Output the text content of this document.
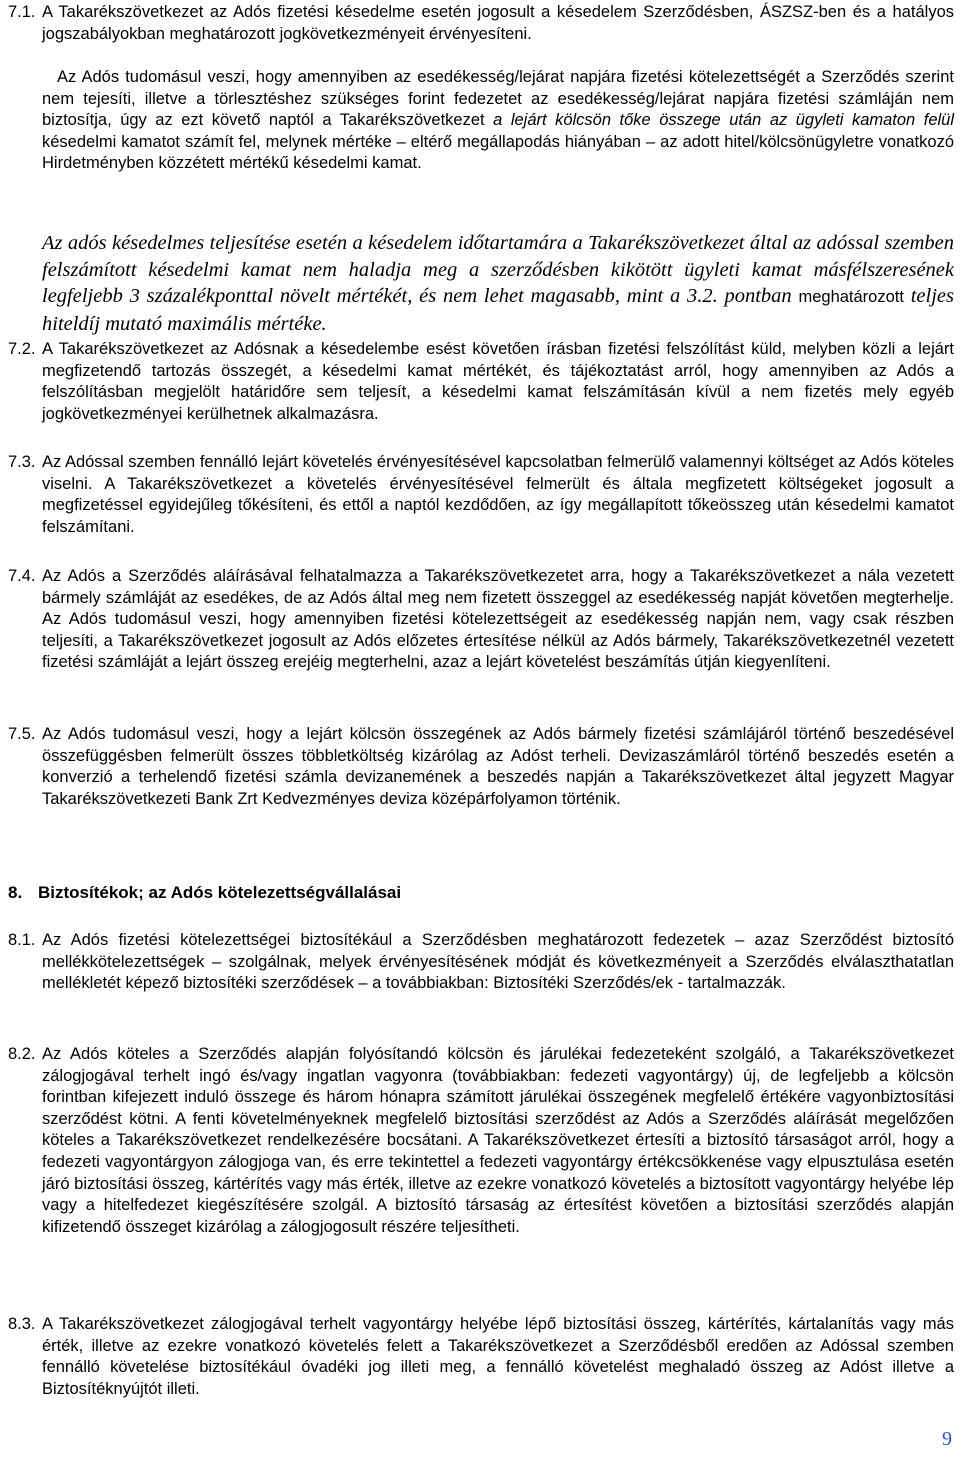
7.1. A Takarékszövetkezet az Adós fizetési késedelme esetén jogosult a késedelem Szerződésben, ÁSZSZ-ben és a hatályos jogszabályokban meghatározott jogkövetkezményeit érvényesíteni.
Az Adós tudomásul veszi, hogy amennyiben az esedékesség/lejárat napjára fizetési kötelezettségét a Szerződés szerint nem tejesíti, illetve a törlesztéshez szükséges forint fedezetet az esedékesség/lejárat napjára fizetési számláján nem biztosítja, úgy az ezt követő naptól a Takarékszövetkezet a lejárt kölcsön tőke összege után az ügyleti kamaton felül késedelmi kamatot számít fel, melynek mértéke – eltérő megállapodás hiányában – az adott hitel/kölcsönügyletre vonatkozó Hirdetményben közzétett mértékű késedelmi kamat.
Az adós késedelmes teljesítése esetén a késedelem időtartamára a Takarékszövetkezet által az adóssal szemben felszámított késedelmi kamat nem haladja meg a szerződésben kikötött ügyleti kamat másfélszeresének legfeljebb 3 százalékponttal növelt mértékét, és nem lehet magasabb, mint a 3.2. pontban meghatározott teljes hiteldíj mutató maximális mértéke.
7.2. A Takarékszövetkezet az Adósnak a késedelembe esést követően írásban fizetési felszólítást küld, melyben közli a lejárt megfizetendő tartozás összegét, a késedelmi kamat mértékét, és tájékoztatást arról, hogy amennyiben az Adós a felszólításban megjelölt határidőre sem teljesít, a késedelmi kamat felszámításán kívül a nem fizetés mely egyéb jogkövetkezményei kerülhetnek alkalmazásra.
7.3. Az Adóssal szemben fennálló lejárt követelés érvényesítésével kapcsolatban felmerülő valamennyi költséget az Adós köteles viselni. A Takarékszövetkezet a követelés érvényesítésével felmerült és általa megfizetett költségeket jogosult a megfizetéssel egyidejűleg tőkésíteni, és ettől a naptól kezdődően, az így megállapított tőkeösszeg után késedelmi kamatot felszámítani.
7.4. Az Adós a Szerződés aláírásával felhatalmazza a Takarékszövetkezetet arra, hogy a Takarékszövetkezet a nála vezetett bármely számláját az esedékes, de az Adós által meg nem fizetett összeggel az esedékesség napját követően megterhelje. Az Adós tudomásul veszi, hogy amennyiben fizetési kötelezettségeit az esedékesség napján nem, vagy csak részben teljesíti, a Takarékszövetkezet jogosult az Adós előzetes értesítése nélkül az Adós bármely, Takarékszövetkezetnél vezetett fizetési számláját a lejárt összeg erejéig megterhelni, azaz a lejárt követelést beszámítás útján kiegyenlíteni.
7.5. Az Adós tudomásul veszi, hogy a lejárt kölcsön összegének az Adós bármely fizetési számlájáról történő beszedésével összefüggésben felmerült összes többletköltség kizárólag az Adóst terheli. Devizaszámláról történő beszedés esetén a konverzió a terhelendő fizetési számla devizanemének a beszedés napján a Takarékszövetkezet által jegyzett Magyar Takarékszövetkezeti Bank Zrt Kedvezményes deviza középárfolyamon történik.
8. Biztosítékok; az Adós kötelezettségvállalásai
8.1. Az Adós fizetési kötelezettségei biztosítékául a Szerződésben meghatározott fedezetek – azaz Szerződést biztosító mellékkötelezettségek – szolgálnak, melyek érvényesítésének módját és következményeit a Szerződés elválaszthatatlan mellékletét képező biztosítéki szerződések – a továbbiakban: Biztosítéki Szerződés/ek - tartalmazzák.
8.2. Az Adós köteles a Szerződés alapján folyósítandó kölcsön és járulékai fedezeteként szolgáló, a Takarékszövetkezet zálogjogával terhelt ingó és/vagy ingatlan vagyonra (továbbiakban: fedezeti vagyontárgy) új, de legfeljebb a kölcsön forintban kifejezett induló összege és három hónapra számított járulékai összegének megfelelő értékére vagyonbiztosítási szerződést kötni. A fenti követelményeknek megfelelő biztosítási szerződést az Adós a Szerződés aláírását megelőzően köteles a Takarékszövetkezet rendelkezésére bocsátani. A Takarékszövetkezet értesíti a biztosító társaságot arról, hogy a fedezeti vagyontárgyon zálogjoga van, és erre tekintettel a fedezeti vagyontárgy értékcsökkenése vagy elpusztulása esetén járó biztosítási összeg, kártérítés vagy más érték, illetve az ezekre vonatkozó követelés a biztosított vagyontárgy helyébe lép vagy a hitelfedezet kiegészítésére szolgál. A biztosító társaság az értesítést követően a biztosítási szerződés alapján kifizetendő összeget kizárólag a zálogjogosult részére teljesítheti.
8.3. A Takarékszövetkezet zálogjogával terhelt vagyontárgy helyébe lépő biztosítási összeg, kártérítés, kártalanítás vagy más érték, illetve az ezekre vonatkozó követelés felett a Takarékszövetkezet a Szerződésből eredően az Adóssal szemben fennálló követelése biztosítékául óvadéki jog illeti meg, a fennálló követelést meghaladó összeg az Adóst illetve a Biztosítéknyújtót illeti.
9
